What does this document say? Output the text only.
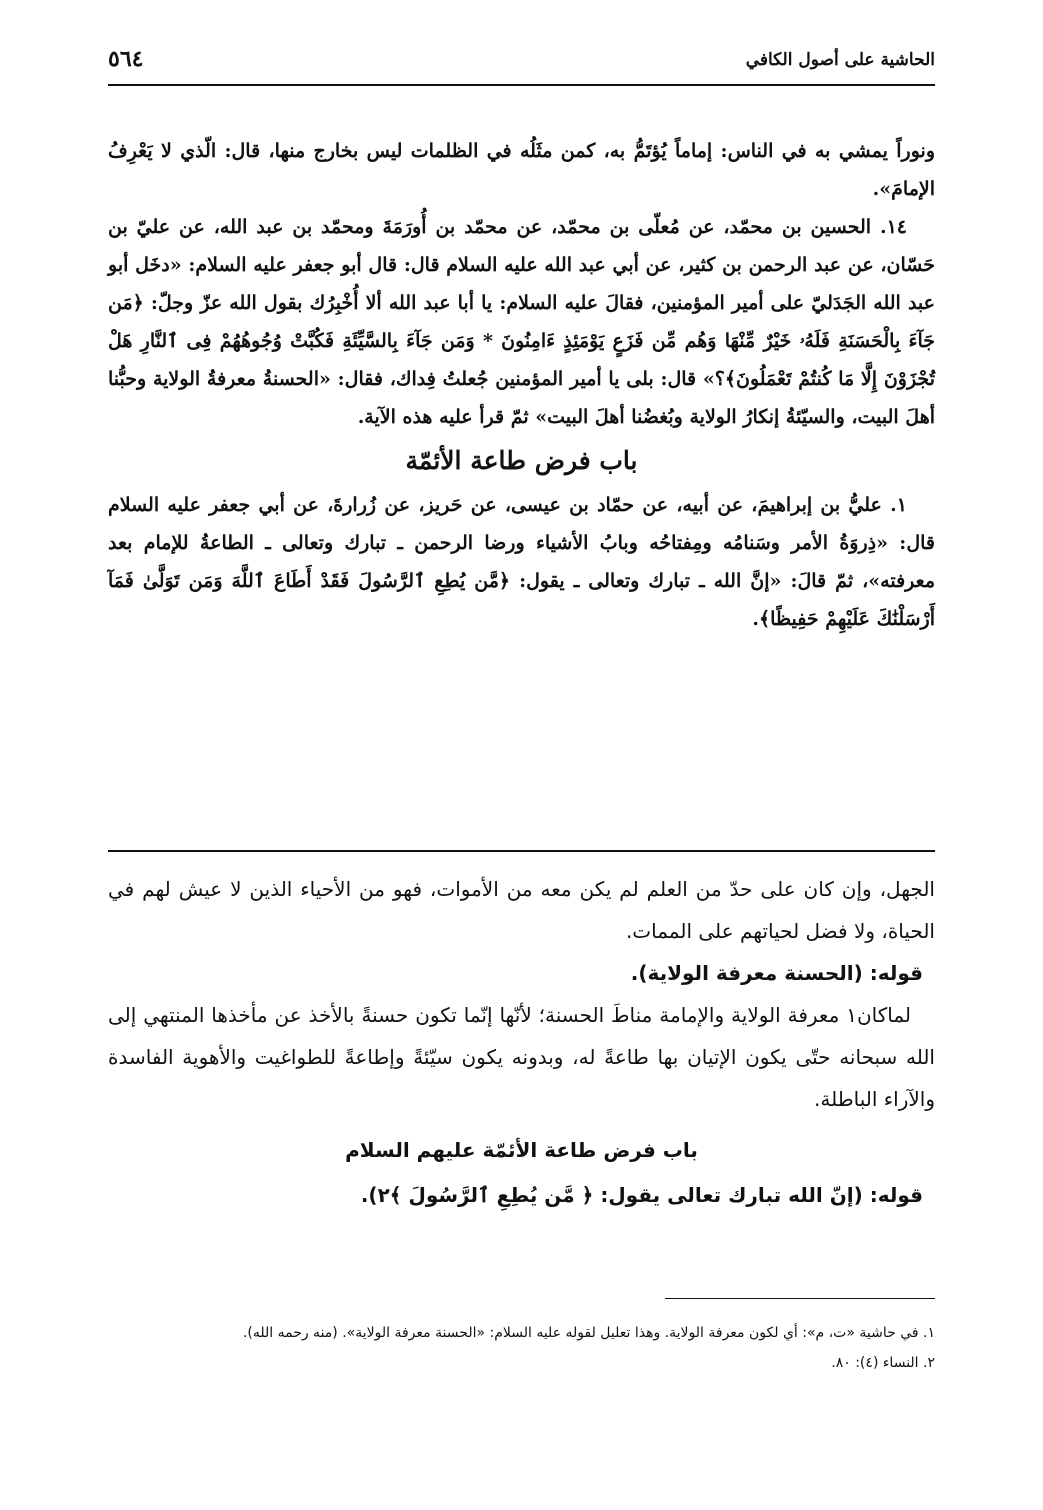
الحاشية على أصول الكافي
٥٦٤

ونوراً يمشي به في الناس: إماماً يُؤتَمُّ به، كمن مثَلُه في الظلمات ليس بخارج منها، قال: الّذي لا يَعْرِفُ الإمامَ».

١٤. الحسين بن محمّد، عن مُعلّى بن محمّد، عن محمّد بن أُورَمَةَ ومحمّد بن عبد الله، عن عليّ بن حَسّان، عن عبد الرحمن بن كثير، عن أبي عبد الله عليه السلام قال: قال أبو جعفر عليه السلام: «دخَل أبو عبد الله الجَدَليّ على أمير المؤمنين، فقالَ عليه السلام: يا أبا عبد الله ألا أُخْبِرُك بقول الله عزّ وجلّ: ﴿مَن جَآءَ بِالْحَسَنَةِ فَلَهُۥ خَيْرٌ مِّنْهَا وَهُم مِّن فَزَعٍ يَوْمَئِذٍ ءَامِنُونَ * وَمَن جَآءَ بِالسَّيِّئَةِ فَكُبَّتْ وُجُوهُهُمْ فِى ٱلنَّارِ هَلْ تُجْزَوْنَ إِلَّا مَا كُنتُمْ تَعْمَلُونَ﴾؟» قال: بلى يا أمير المؤمنين جُعلتُ فِداك، فقال: «الحسنةُ معرفةُ الولاية وحبُّنا أهلَ البيت، والسيّئةُ إنكارُ الولاية وبُغضُنا أهلَ البيت» ثمّ قرأ عليه هذه الآية.

باب فرض طاعة الأئمّة

١. عليُّ بن إبراهيمَ، عن أبيه، عن حمّاد بن عيسى، عن حَريز، عن زُرارةَ، عن أبي جعفر عليه السلام قال: «ذِروَةُ الأمر وسَنامُه ومِفتاحُه وبابُ الأشياء ورضا الرحمن ـ تبارك وتعالى ـ الطاعةُ للإمام بعد معرفته»، ثمّ قالَ: «إنَّ الله ـ تبارك وتعالى ـ يقول: ﴿مَّن يُطِعِ ٱلرَّسُولَ فَقَدْ أَطَاعَ ٱللَّهَ وَمَن تَوَلَّىٰ فَمَآ أَرْسَلْنَٰكَ عَلَيْهِمْ حَفِيظًا﴾.

الجهل، وإن كان على حدّ من العلم لم يكن معه من الأموات، فهو من الأحياء الذين لا عيش لهم في الحياة، ولا فضل لحياتهم على الممات.

قوله: (الحسنة معرفة الولاية).

لماكان١ معرفة الولاية والإمامة مناطَ الحسنة؛ لأنّها إنّما تكون حسنةً بالأخذ عن مأخذها المنتهي إلى الله سبحانه حتّى يكون الإتيان بها طاعةً له، وبدونه يكون سيّئةً وإطاعةً للطواغيت والأهوية الفاسدة والآراء الباطلة.

باب فرض طاعة الأئمّة عليهم السلام

قوله: (إنّ الله تبارك تعالى يقول: ﴿ مَّن يُطِعِ ٱلرَّسُولَ ﴾٢).

١. في حاشية «ت، م»: أي لكون معرفة الولاية. وهذا تعليل لقوله عليه السلام: «الحسنة معرفة الولاية». (منه رحمه الله).

٢. النساء (٤): ٨٠.
